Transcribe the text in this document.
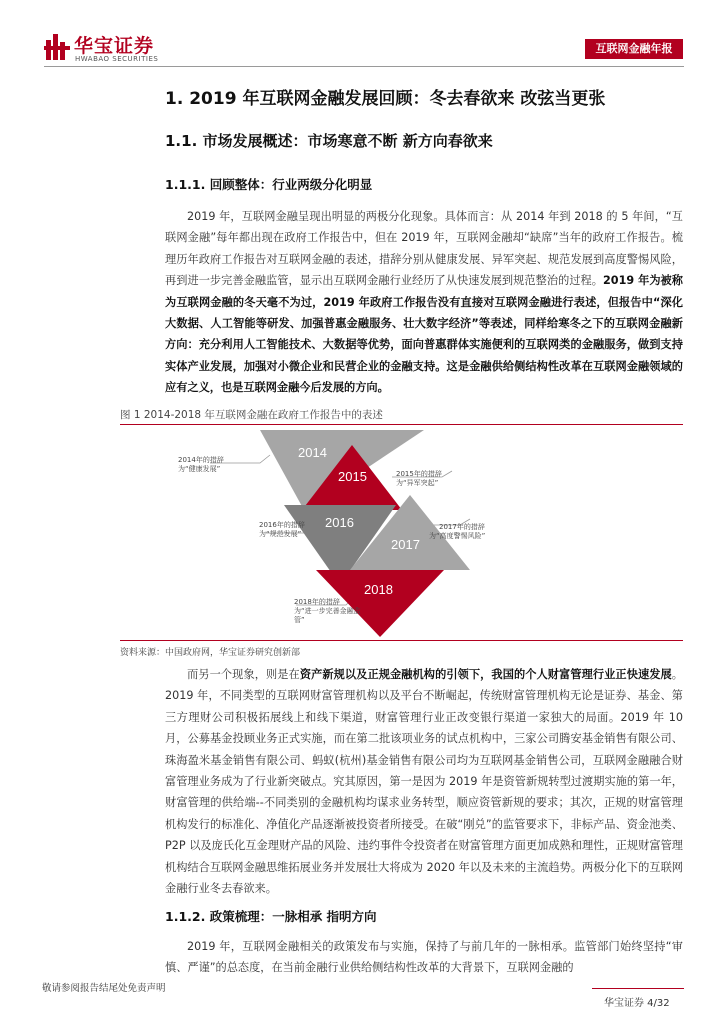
华宝证券
HWABAO SECURITIES
互联网金融年报
1. 2019 年互联网金融发展回顾：冬去春欲来 改弦当更张
1.1. 市场发展概述：市场寒意不断 新方向春欲来
1.1.1. 回顾整体：行业两级分化明显
2019 年，互联网金融呈现出明显的两极分化现象。具体而言：从 2014 年到 2018 的 5 年间，“互联网金融”每年都出现在政府工作报告中，但在 2019 年，互联网金融却“缺席”当年的政府工作报告。梳理历年政府工作报告对互联网金融的表述，措辞分别从健康发展、异军突起、规范发展到高度警惕风险，再到进一步完善金融监管，显示出互联网金融行业经历了从快速发展到规范整治的过程。2019 年为被称为互联网金融的冬天毫不为过，2019 年政府工作报告没有直接对互联网金融进行表述，但报告中“深化大数据、人工智能等研发、加强普惠金融服务、壮大数字经济”等表述，同样给寒冬之下的互联网金融新方向：充分利用人工智能技术、大数据等优势，面向普惠群体实施便利的互联网类的金融服务，做到支持实体产业发展，加强对小微企业和民营企业的金融支持。这是金融供给侧结构性改革在互联网金融领域的应有之义，也是互联网金融今后发展的方向。
图 1 2014-2018 年互联网金融在政府工作报告中的表述
2014
2015
2016
2017
2018
2014年的措辞
为“健康发展”
2015年的措辞
为“异军突起”
2016年的措辞
为“规范发展”
2017年的措辞
为“高度警惕风险”
2018年的措辞
为“进一步完善金融监
管”
资料来源：中国政府网，华宝证券研究创新部
而另一个现象，则是在资产新规以及正规金融机构的引领下，我国的个人财富管理行业正快速发展。2019 年，不同类型的互联网财富管理机构以及平台不断崛起，传统财富管理机构无论是证券、基金、第三方理财公司积极拓展线上和线下渠道，财富管理行业正改变银行渠道一家独大的局面。2019 年 10 月，公募基金投顾业务正式实施，而在第二批该项业务的试点机构中，三家公司腾安基金销售有限公司、珠海盈米基金销售有限公司、蚂蚁(杭州)基金销售有限公司均为互联网基金销售公司，互联网金融融合财富管理业务成为了行业新突破点。究其原因，第一是因为 2019 年是资管新规转型过渡期实施的第一年，财富管理的供给端--不同类别的金融机构均谋求业务转型，顺应资管新规的要求；其次，正规的财富管理机构发行的标准化、净值化产品逐渐被投资者所接受。在破“刚兑”的监管要求下，非标产品、资金池类、P2P 以及庞氏化互金理财产品的风险、违约事件令投资者在财富管理方面更加成熟和理性，正规财富管理机构结合互联网金融思维拓展业务并发展壮大将成为 2020 年以及未来的主流趋势。两极分化下的互联网金融行业冬去春欲来。
1.1.2. 政策梳理：一脉相承 指明方向
2019 年，互联网金融相关的政策发布与实施，保持了与前几年的一脉相承。监管部门始终坚持“审慎、严谨”的总态度，在当前金融行业供给侧结构性改革的大背景下，互联网金融的
敬请参阅报告结尾处免责声明
华宝证券 4/32
